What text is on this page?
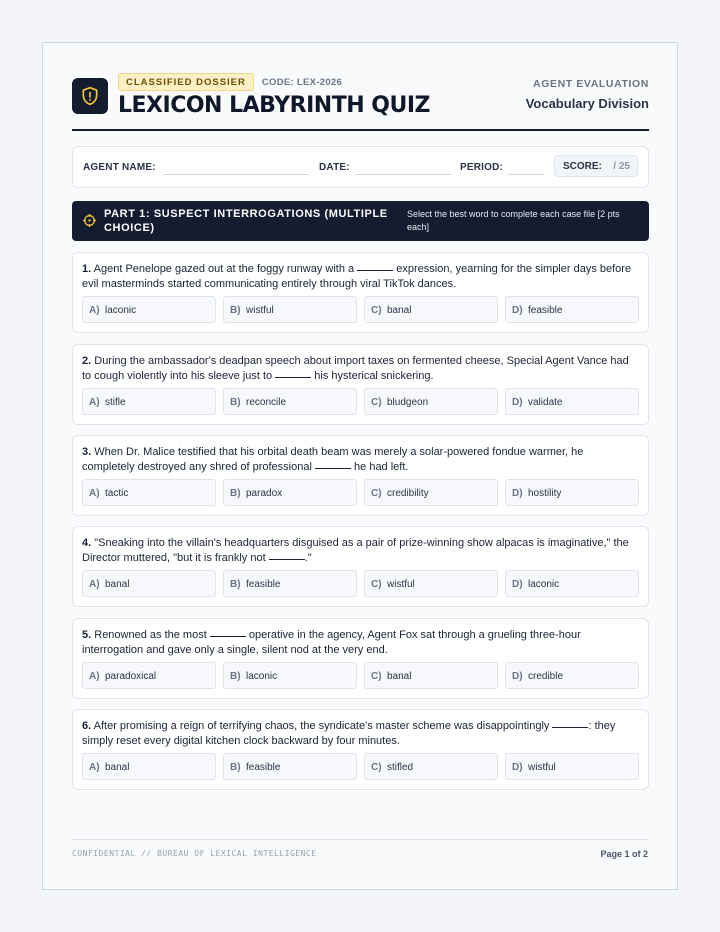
CLASSIFIED DOSSIER	CODE: LEX-2026
LEXICON LABYRINTH QUIZ
AGENT EVALUATION
Vocabulary Division
AGENT NAME:	DATE:	PERIOD:	SCORE: / 25
PART 1: SUSPECT INTERROGATIONS (MULTIPLE CHOICE)
Select the best word to complete each case file [2 pts each]
1. Agent Penelope gazed out at the foggy runway with a	expression, yearning for the simpler days before evil masterminds started communicating entirely through viral TikTok dances.
A) laconic	B) wistful	C) banal	D) feasible
2. During the ambassador's deadpan speech about import taxes on fermented cheese, Special Agent Vance had to cough violently into his sleeve just to	his hysterical snickering.
A) stifle	B) reconcile	C) bludgeon	D) validate
3. When Dr. Malice testified that his orbital death beam was merely a solar-powered fondue warmer, he completely destroyed any shred of professional	he had left.
A) tactic	B) paradox	C) credibility	D) hostility
4. "Sneaking into the villain's headquarters disguised as a pair of prize-winning show alpacas is imaginative," the Director muttered, "but it is frankly not	."
A) banal	B) feasible	C) wistful	D) laconic
5. Renowned as the most	operative in the agency, Agent Fox sat through a grueling three-hour interrogation and gave only a single, silent nod at the very end.
A) paradoxical	B) laconic	C) banal	D) credible
6. After promising a reign of terrifying chaos, the syndicate's master scheme was disappointingly	: they simply reset every digital kitchen clock backward by four minutes.
A) banal	B) feasible	C) stifled	D) wistful
CONFIDENTIAL // BUREAU OF LEXICAL INTELLIGENCE	Page 1 of 2
